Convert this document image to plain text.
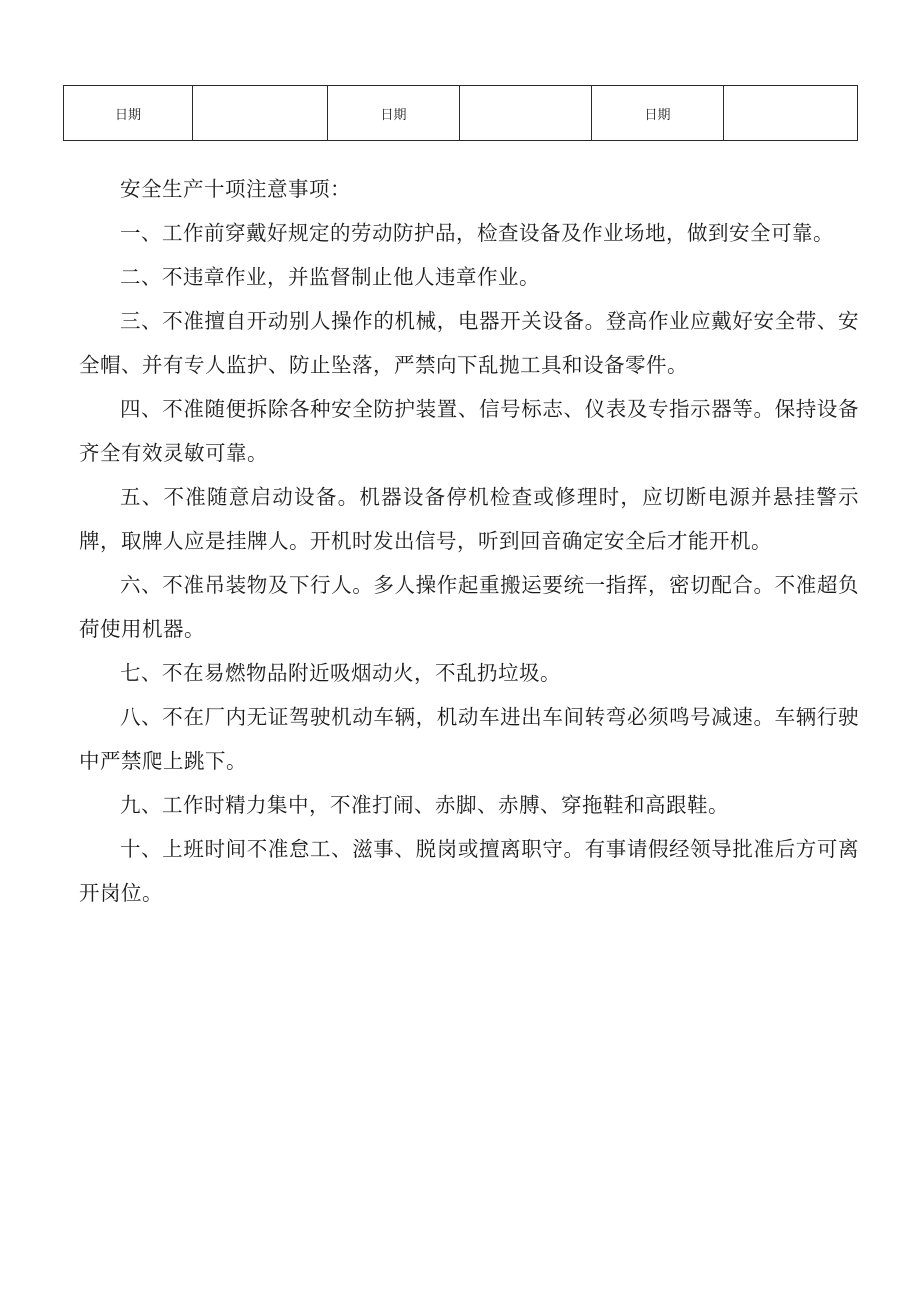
日期		日期		日期	

安全生产十项注意事项：

一、工作前穿戴好规定的劳动防护品，检查设备及作业场地，做到安全可靠。

二、不违章作业，并监督制止他人违章作业。

三、不准擅自开动别人操作的机械，电器开关设备。登高作业应戴好安全带、安全帽、并有专人监护、防止坠落，严禁向下乱抛工具和设备零件。

四、不准随便拆除各种安全防护装置、信号标志、仪表及专指示器等。保持设备齐全有效灵敏可靠。

五、不准随意启动设备。机器设备停机检查或修理时，应切断电源并悬挂警示牌，取牌人应是挂牌人。开机时发出信号，听到回音确定安全后才能开机。

六、不准吊装物及下行人。多人操作起重搬运要统一指挥，密切配合。不准超负荷使用机器。

七、不在易燃物品附近吸烟动火，不乱扔垃圾。

八、不在厂内无证驾驶机动车辆，机动车进出车间转弯必须鸣号减速。车辆行驶中严禁爬上跳下。

九、工作时精力集中，不准打闹、赤脚、赤膊、穿拖鞋和高跟鞋。

十、上班时间不准怠工、滋事、脱岗或擅离职守。有事请假经领导批准后方可离开岗位。
